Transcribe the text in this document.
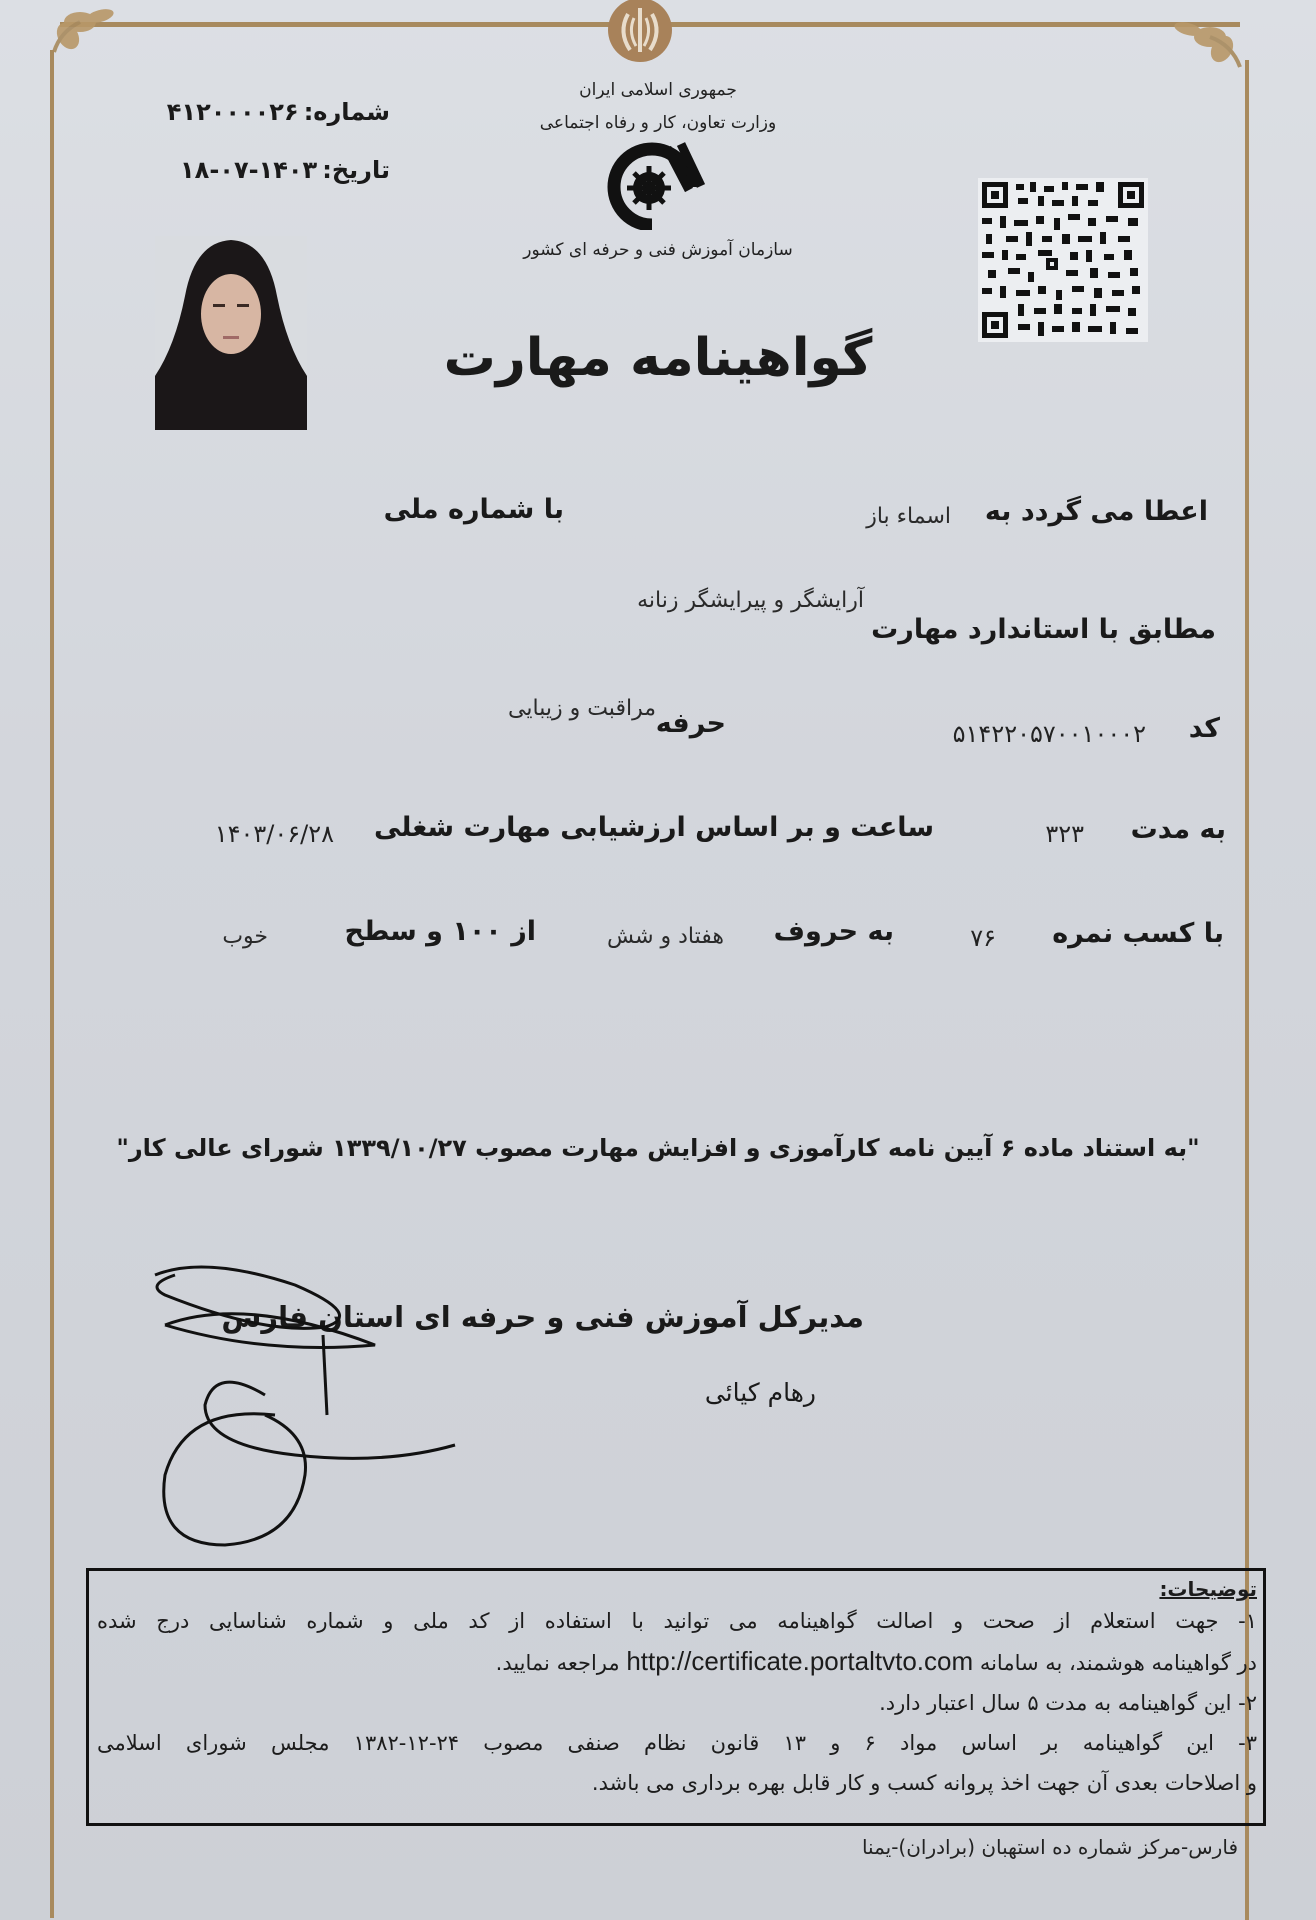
جمهوری اسلامی ایران
وزارت تعاون، کار و رفاه اجتماعی
سازمان آموزش فنی و حرفه ای کشور
شماره: ۴۱۲۰۰۰۰۲۶
تاریخ: ۱۴۰۳-۰۷-۱۸
گواهینامه مهارت
اعطا می گردد به
اسماء باز
با شماره ملی
مطابق با استاندارد مهارت
آرایشگر و پیرایشگر زنانه
کد
۵۱۴۲۲۰۵۷۰۰۱۰۰۰۲
حرفه
مراقبت و زیبایی
به مدت
۳۲۳
ساعت و بر اساس ارزشیابی مهارت شغلی
۱۴۰۳/۰۶/۲۸
با کسب نمره
۷۶
به حروف
هفتاد و شش
از ۱۰۰ و سطح
خوب
"به استناد ماده ۶ آیین نامه کارآموزی و افزایش مهارت مصوب ۱۳۳۹/۱۰/۲۷ شورای عالی کار"
مدیرکل آموزش فنی و حرفه ای استان فارس
رهام کیائی
توضیحات:
۱- جهت استعلام از صحت و اصالت گواهینامه می توانید با استفاده از کد ملی و شماره شناسایی درج شده
در گواهینامه هوشمند، به سامانه http://certificate.portaltvto.com مراجعه نمایید.
۲- این گواهینامه به مدت ۵ سال اعتبار دارد.
۳- این گواهینامه بر اساس مواد ۶ و ۱۳ قانون نظام صنفی مصوب ۲۴-۱۲-۱۳۸۲ مجلس شورای اسلامی
و اصلاحات بعدی آن جهت اخذ پروانه کسب و کار قابل بهره برداری می باشد.
فارس-مرکز شماره ده استهبان (برادران)-یمنا
